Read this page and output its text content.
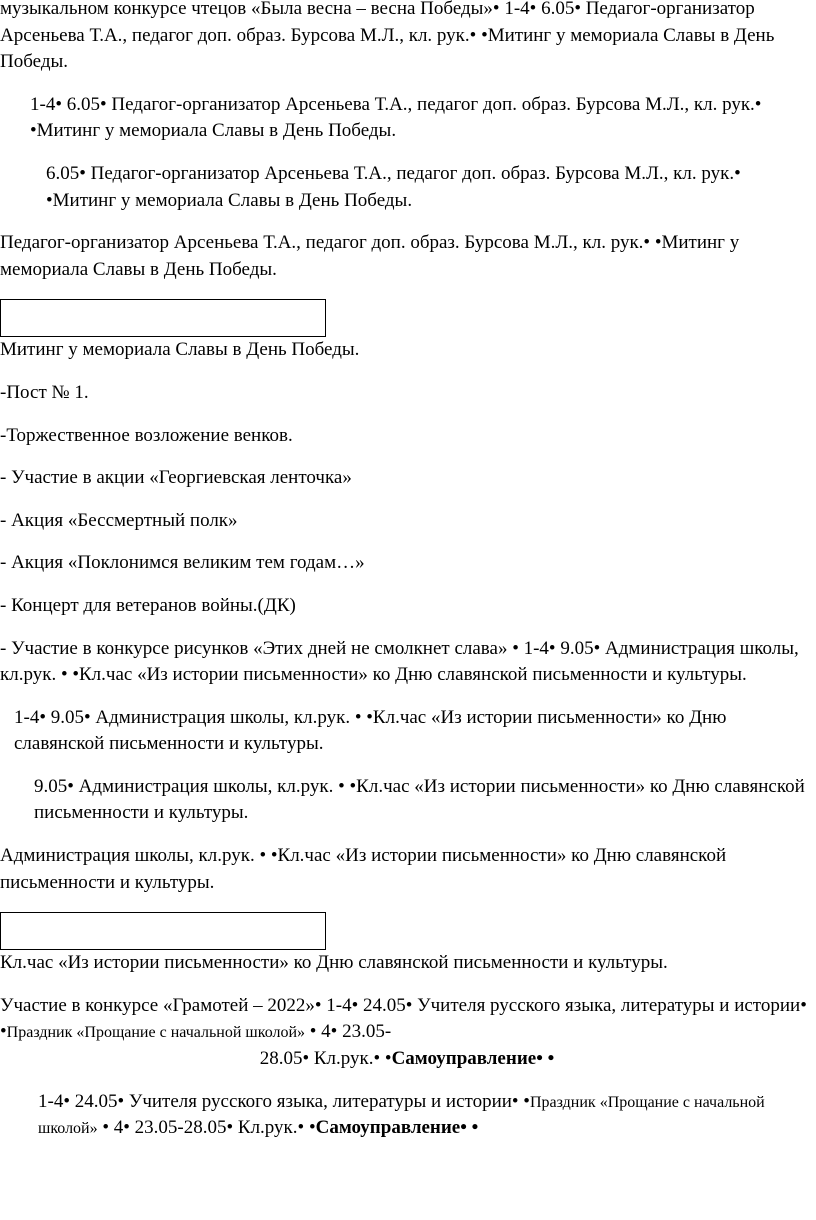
музыкальном конкурсе чтецов «Была весна – весна Победы»• 1-4• 6.05• Педагог-организатор Арсеньева Т.А., педагог доп. образ. Бурсова М.Л., кл. рук.• •Митинг у мемориала Славы в День Победы.

1-4• 6.05• Педагог-организатор Арсеньева Т.А., педагог доп. образ. Бурсова М.Л., кл. рук.• •Митинг у мемориала Славы в День Победы.

6.05• Педагог-организатор Арсеньева Т.А., педагог доп. образ. Бурсова М.Л., кл. рук.• •Митинг у мемориала Славы в День Победы.

Педагог-организатор Арсеньева Т.А., педагог доп. образ. Бурсова М.Л., кл. рук.• •Митинг у мемориала Славы в День Победы.

Митинг у мемориала Славы в День Победы.

-Пост № 1.

-Торжественное возложение венков.

- Участие в акции «Георгиевская ленточка»

- Акция «Бессмертный полк»

- Акция «Поклонимся великим тем годам…»

- Концерт для ветеранов войны.(ДК)

- Участие в конкурсе рисунков «Этих дней не смолкнет слава» • 1-4• 9.05• Администрация школы, кл.рук. • •Кл.час «Из истории письменности» ко Дню славянской письменности и культуры.

1-4• 9.05• Администрация школы, кл.рук. • •Кл.час «Из истории письменности» ко Дню славянской письменности и культуры.

9.05• Администрация школы, кл.рук. • •Кл.час «Из истории письменности» ко Дню славянской письменности и культуры.

Администрация школы, кл.рук. • •Кл.час «Из истории письменности» ко Дню славянской письменности и культуры.

Кл.час «Из истории письменности» ко Дню славянской письменности и культуры.

Участие в конкурсе «Грамотей – 2022»• 1-4• 24.05• Учителя русского языка, литературы и истории• •Праздник «Прощание с начальной школой» • 4• 23.05-

28.05• Кл.рук.• •Самоуправление• •

1-4• 24.05• Учителя русского языка, литературы и истории• •Праздник «Прощание с начальной школой» • 4• 23.05-28.05• Кл.рук.• •Самоуправление• •
